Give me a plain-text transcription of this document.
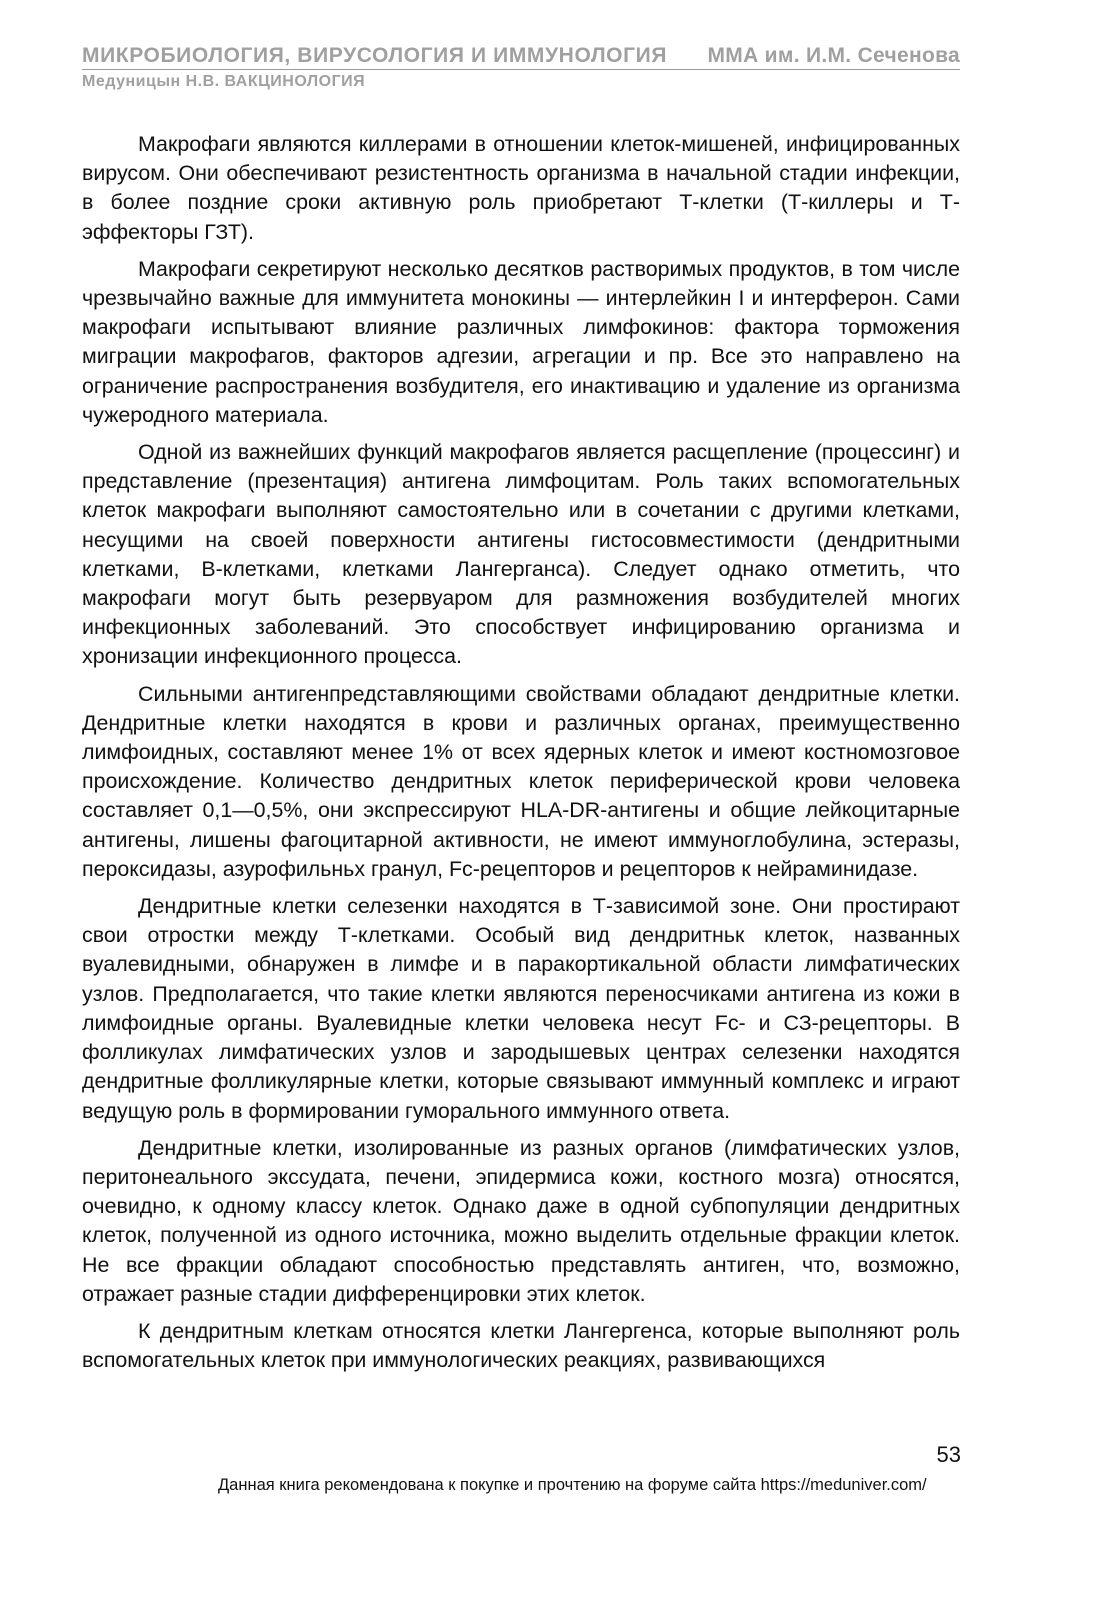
МИКРОБИОЛОГИЯ, ВИРУСОЛОГИЯ И ИММУНОЛОГИЯ ММА им. И.М. Сеченова
Медуницын Н.В. ВАКЦИНОЛОГИЯ

Макрофаги являются киллерами в отношении клеток-мишеней, инфицированных вирусом. Они обеспечивают резистентность организма в начальной стадии инфекции, в более поздние сроки активную роль приобретают Т-клетки (Т-киллеры и Т-эффекторы ГЗТ).

Макрофаги секретируют несколько десятков растворимых продуктов, в том числе чрезвычайно важные для иммунитета монокины — интерлейкин I и интерферон. Сами макрофаги испытывают влияние различных лимфокинов: фактора торможения миграции макрофагов, факторов адгезии, агрегации и пр. Все это направлено на ограничение распространения возбудителя, его инактивацию и удаление из организма чужеродного материала.

Одной из важнейших функций макрофагов является расщепление (процессинг) и представление (презентация) антигена лимфоцитам. Роль таких вспомогательных клеток макрофаги выполняют самостоятельно или в сочетании с другими клетками, несущими на своей поверхности антигены гистосовместимости (дендритными клетками, В-клетками, клетками Лангерганса). Следует однако отметить, что макрофаги могут быть резервуаром для размножения возбудителей многих инфекционных заболеваний. Это способствует инфицированию организма и хронизации инфекционного процесса.

Сильными антигенпредставляющими свойствами обладают дендритные клетки. Дендритные клетки находятся в крови и различных органах, преимущественно лимфоидных, составляют менее 1% от всех ядерных клеток и имеют костномозговое происхождение. Количество дендритных клеток периферической крови человека составляет 0,1—0,5%, они экспрессируют HLA-DR-антигены и общие лейкоцитарные антигены, лишены фагоцитарной активности, не имеют иммуноглобулина, эстеразы, пероксидазы, азурофильньх гранул, Fc-рецепторов и рецепторов к нейраминидазе.

Дендритные клетки селезенки находятся в Т-зависимой зоне. Они простирают свои отростки между Т-клетками. Особый вид дендритньк клеток, названных вуалевидными, обнаружен в лимфе и в паракортикальной области лимфатических узлов. Предполагается, что такие клетки являются переносчиками антигена из кожи в лимфоидные органы. Вуалевидные клетки человека несут Fc- и СЗ-рецепторы. В фолликулах лимфатических узлов и зародышевых центрах селезенки находятся дендритные фолликулярные клетки, которые связывают иммунный комплекс и играют ведущую роль в формировании гуморального иммунного ответа.

Дендритные клетки, изолированные из разных органов (лимфатических узлов, перитонеального экссудата, печени, эпидермиса кожи, костного мозга) относятся, очевидно, к одному классу клеток. Однако даже в одной субпопуляции дендритных клеток, полученной из одного источника, можно выделить отдельные фракции клеток. Не все фракции обладают способностью представлять антиген, что, возможно, отражает разные стадии дифференцировки этих клеток.

К дендритным клеткам относятся клетки Лангергенса, которые выполняют роль вспомогательных клеток при иммунологических реакциях, развивающихся

53
Данная книга рекомендована к покупке и прочтению на форуме сайта https://meduniver.com/
